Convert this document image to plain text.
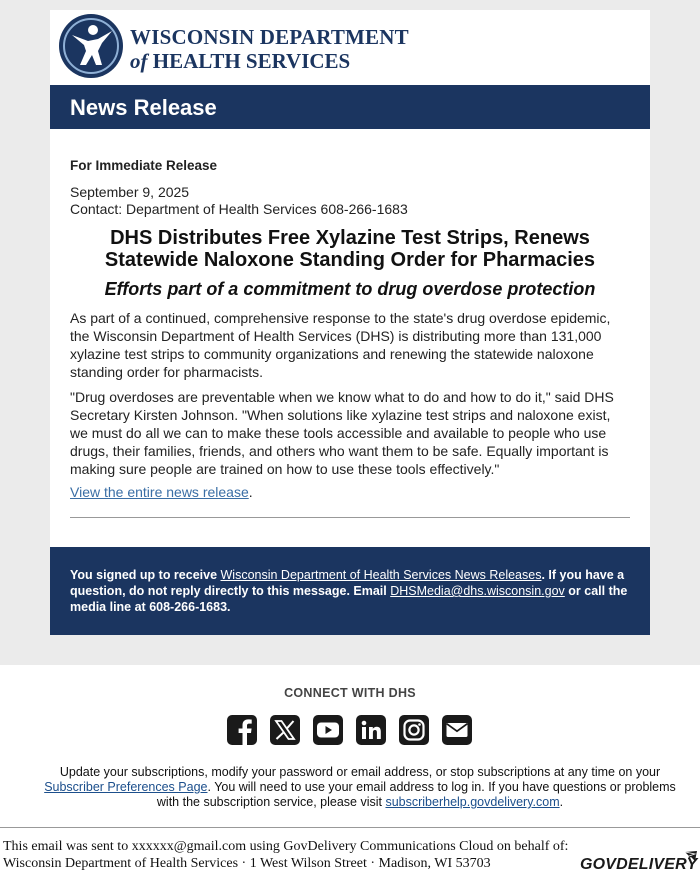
WISCONSIN DEPARTMENT
of HEALTH SERVICES
News Release
For Immediate Release
September 9, 2025
Contact: Department of Health Services 608-266-1683
DHS Distributes Free Xylazine Test Strips, Renews Statewide Naloxone Standing Order for Pharmacies
Efforts part of a commitment to drug overdose protection
As part of a continued, comprehensive response to the state's drug overdose epidemic, the Wisconsin Department of Health Services (DHS) is distributing more than 131,000 xylazine test strips to community organizations and renewing the statewide naloxone standing order for pharmacists.
"Drug overdoses are preventable when we know what to do and how to do it," said DHS Secretary Kirsten Johnson. "When solutions like xylazine test strips and naloxone exist, we must do all we can to make these tools accessible and available to people who use drugs, their families, friends, and others who want them to be safe. Equally important is making sure people are trained on how to use these tools effectively."
View the entire news release.
You signed up to receive Wisconsin Department of Health Services News Releases. If you have a question, do not reply directly to this message. Email DHSMedia@dhs.wisconsin.gov or call the media line at 608-266-1683.
CONNECT WITH DHS
Update your subscriptions, modify your password or email address, or stop subscriptions at any time on your Subscriber Preferences Page. You will need to use your email address to log in. If you have questions or problems with the subscription service, please visit subscriberhelp.govdelivery.com.
This email was sent to xxxxxx@gmail.com using GovDelivery Communications Cloud on behalf of: Wisconsin Department of Health Services · 1 West Wilson Street · Madison, WI 53703	GOVDELIVERY
